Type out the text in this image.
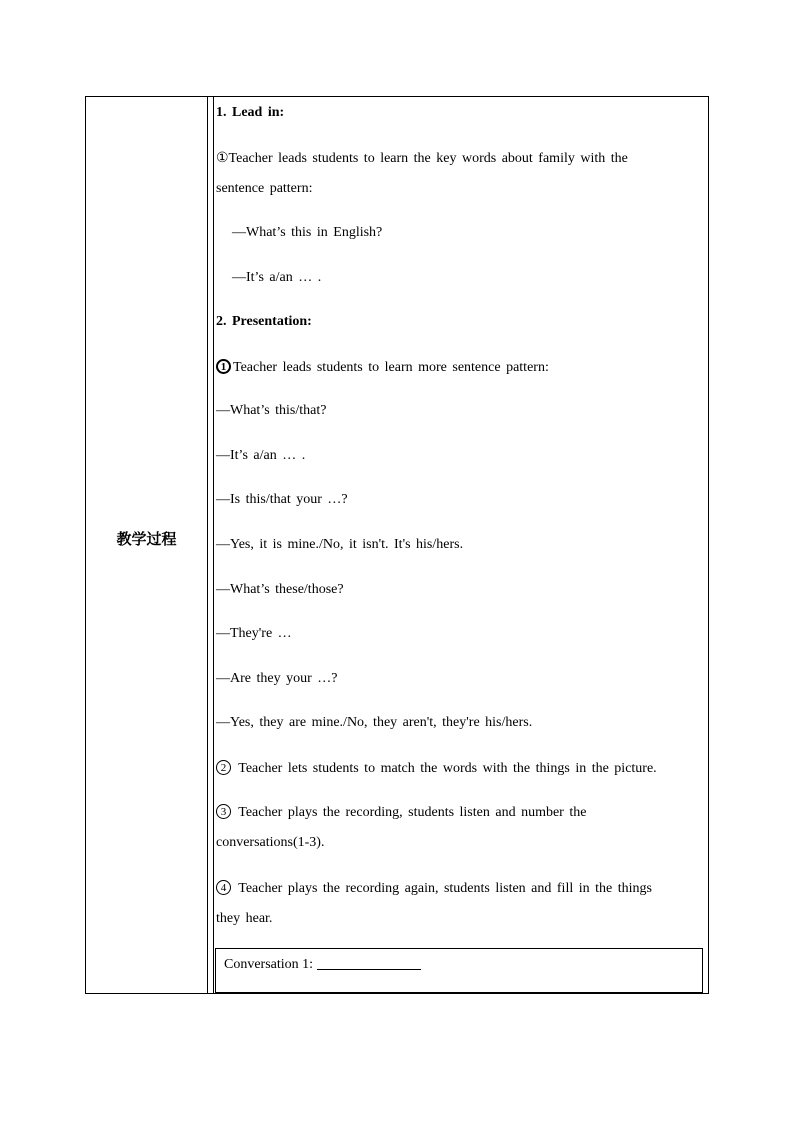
教学过程
1. Lead in:
①Teacher leads students to learn the key words about family with the
sentence pattern:
—What’s this in English?
—It’s a/an … .
2. Presentation:
1 Teacher leads students to learn more sentence pattern:
—What’s this/that?
—It’s a/an … .
—Is this/that your …?
—Yes, it is mine./No, it isn't. It's his/hers.
—What’s these/those?
—They're …
—Are they your …?
—Yes, they are mine./No, they aren't, they're his/hers.
2 Teacher lets students to match the words with the things in the picture.
3 Teacher plays the recording, students listen and number the
conversations(1-3).
4 Teacher plays the recording again, students listen and fill in the things
they hear.
Conversation 1:
